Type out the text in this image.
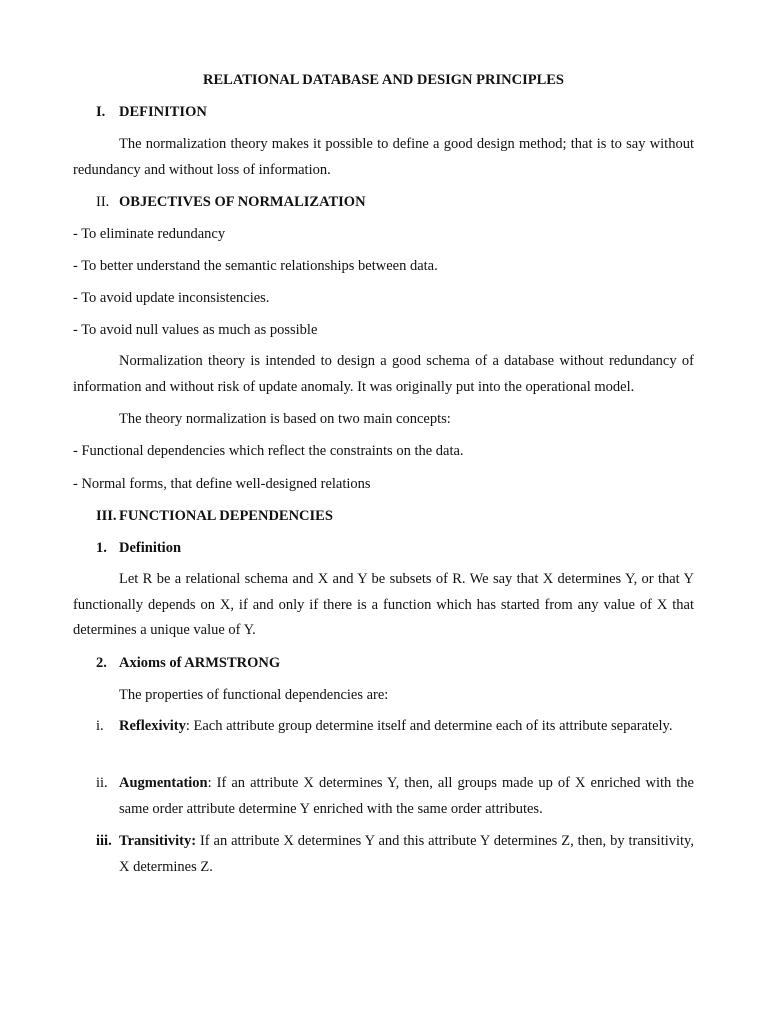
RELATIONAL DATABASE AND DESIGN PRINCIPLES
I. DEFINITION
The normalization theory makes it possible to define a good design method; that is to say without redundancy and without loss of information.
II. OBJECTIVES OF NORMALIZATION
- To eliminate redundancy
- To better understand the semantic relationships between data.
- To avoid update inconsistencies.
- To avoid null values as much as possible
Normalization theory is intended to design a good schema of a database without redundancy of information and without risk of update anomaly. It was originally put into the operational model.
The theory normalization is based on two main concepts:
- Functional dependencies which reflect the constraints on the data.
- Normal forms, that define well-designed relations
III. FUNCTIONAL DEPENDENCIES
1. Definition
Let R be a relational schema and X and Y be subsets of R. We say that X determines Y, or that Y functionally depends on X, if and only if there is a function which has started from any value of X that determines a unique value of Y.
2. Axioms of ARMSTRONG
The properties of functional dependencies are:
i.	Reflexivity: Each attribute group determine itself and determine each of its attribute separately.
ii. Augmentation: If an attribute X determines Y, then, all groups made up of X enriched with the same order attribute determine Y enriched with the same order attributes.
iii. Transitivity: If an attribute X determines Y and this attribute Y determines Z, then, by transitivity, X determines Z.
